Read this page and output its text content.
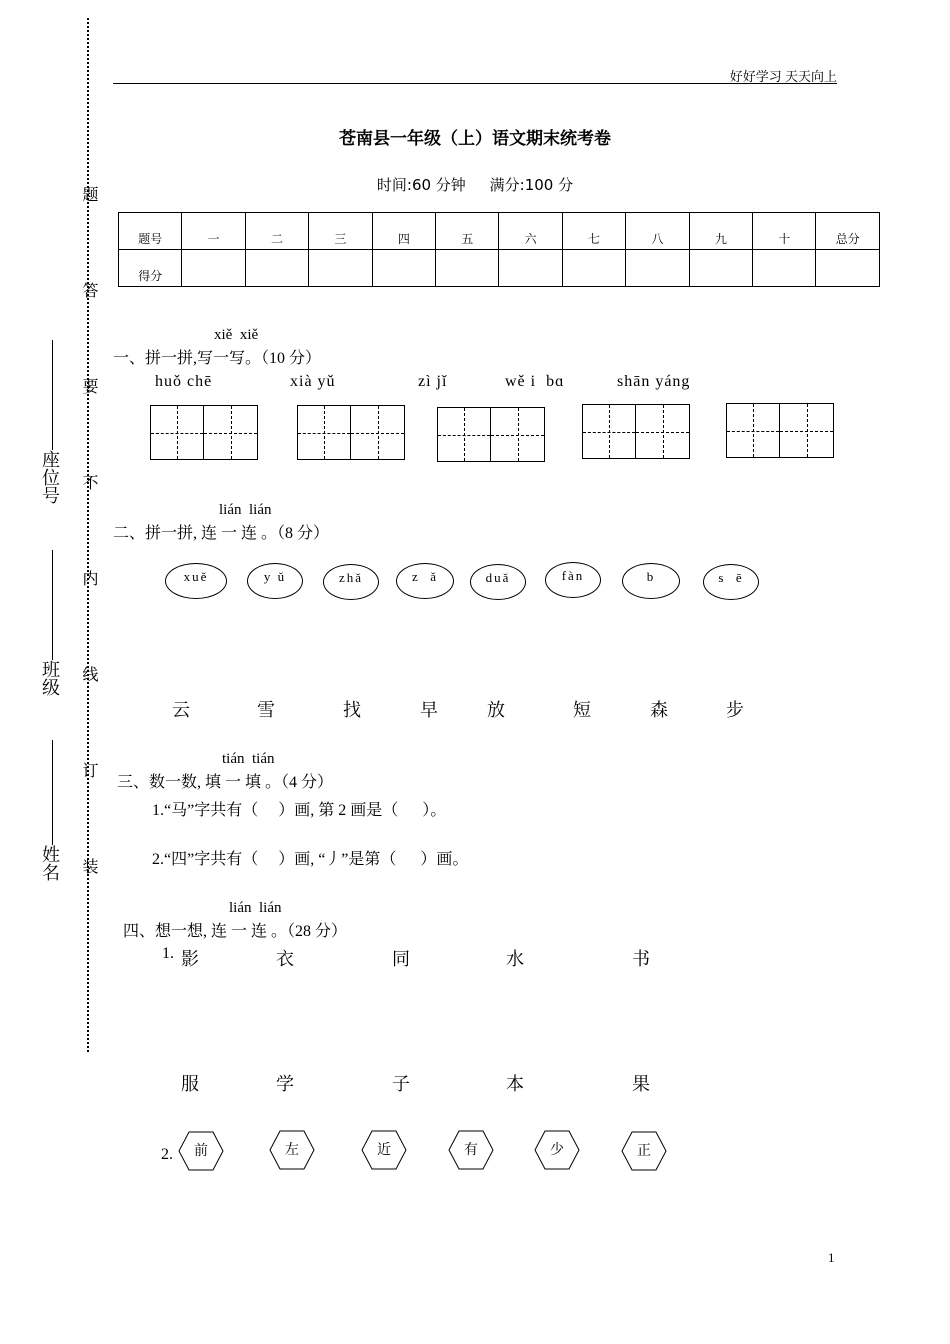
好好学习 天天向上
题
答
要
不
内
线
订
装
座位号
班级
姓名
苍南县一年级（上）语文期末统考卷
时间:60 分钟     满分:100 分
题号	一	二	三	四	五	六	七	八	九	十	总分
得分											
xiě  xiě
一、拼一拼,写一写。（10 分）
huǒ chē	xià yǔ	zì jǐ	wě i  bɑ	shān yáng
lián  lián
二、拼一拼, 连 一 连 。（8 分）
xuě	y ǔ	zhǎ	z  ǎ	duǎ	fàn	b	s  ē
云	雪	找	早	放	短	森	步
tián  tián
三、数一数, 填 一 填 。（4 分）
1.“马”字共有（     ）画, 第 2 画是（      ）。
2.“四”字共有（     ）画, “丿”是第（      ）画。
lián  lián
四、想一想, 连 一 连 。（28 分）
1. 影	衣	同	水	书
服	学	子	本	果
2.	前	左	近	有	少	正
1
